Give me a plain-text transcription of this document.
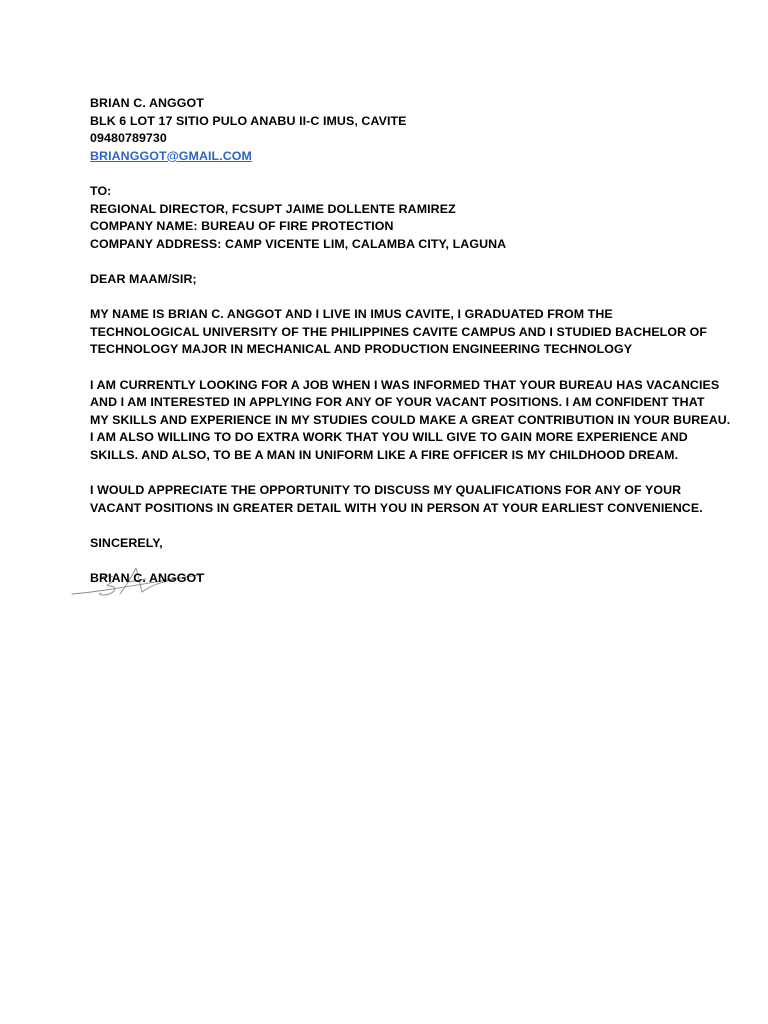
BRIAN C. ANGGOT
BLK 6 LOT 17 SITIO PULO ANABU II-C IMUS, CAVITE
09480789730
BRIANGGOT@GMAIL.COM
TO:
REGIONAL DIRECTOR, FCSUPT JAIME DOLLENTE RAMIREZ
COMPANY NAME: BUREAU OF FIRE PROTECTION
COMPANY ADDRESS: CAMP VICENTE LIM, CALAMBA CITY, LAGUNA
DEAR MAAM/SIR;
MY NAME IS BRIAN C. ANGGOT AND I LIVE IN IMUS CAVITE, I GRADUATED FROM THE
TECHNOLOGICAL UNIVERSITY OF THE PHILIPPINES CAVITE CAMPUS AND I STUDIED BACHELOR OF
TECHNOLOGY MAJOR IN MECHANICAL AND PRODUCTION ENGINEERING TECHNOLOGY
I AM CURRENTLY LOOKING FOR A JOB WHEN I WAS INFORMED THAT YOUR BUREAU HAS VACANCIES
AND I AM INTERESTED IN APPLYING FOR ANY OF YOUR VACANT POSITIONS. I AM CONFIDENT THAT
MY SKILLS AND EXPERIENCE IN MY STUDIES COULD MAKE A GREAT CONTRIBUTION IN YOUR BUREAU.
I AM ALSO WILLING TO DO EXTRA WORK THAT YOU WILL GIVE TO GAIN MORE EXPERIENCE AND
SKILLS. AND ALSO, TO BE A MAN IN UNIFORM LIKE A FIRE OFFICER IS MY CHILDHOOD DREAM.
I WOULD APPRECIATE THE OPPORTUNITY TO DISCUSS MY QUALIFICATIONS FOR ANY OF YOUR
VACANT POSITIONS IN GREATER DETAIL WITH YOU IN PERSON AT YOUR EARLIEST CONVENIENCE.
SINCERELY,
BRIAN C. ANGGOT
